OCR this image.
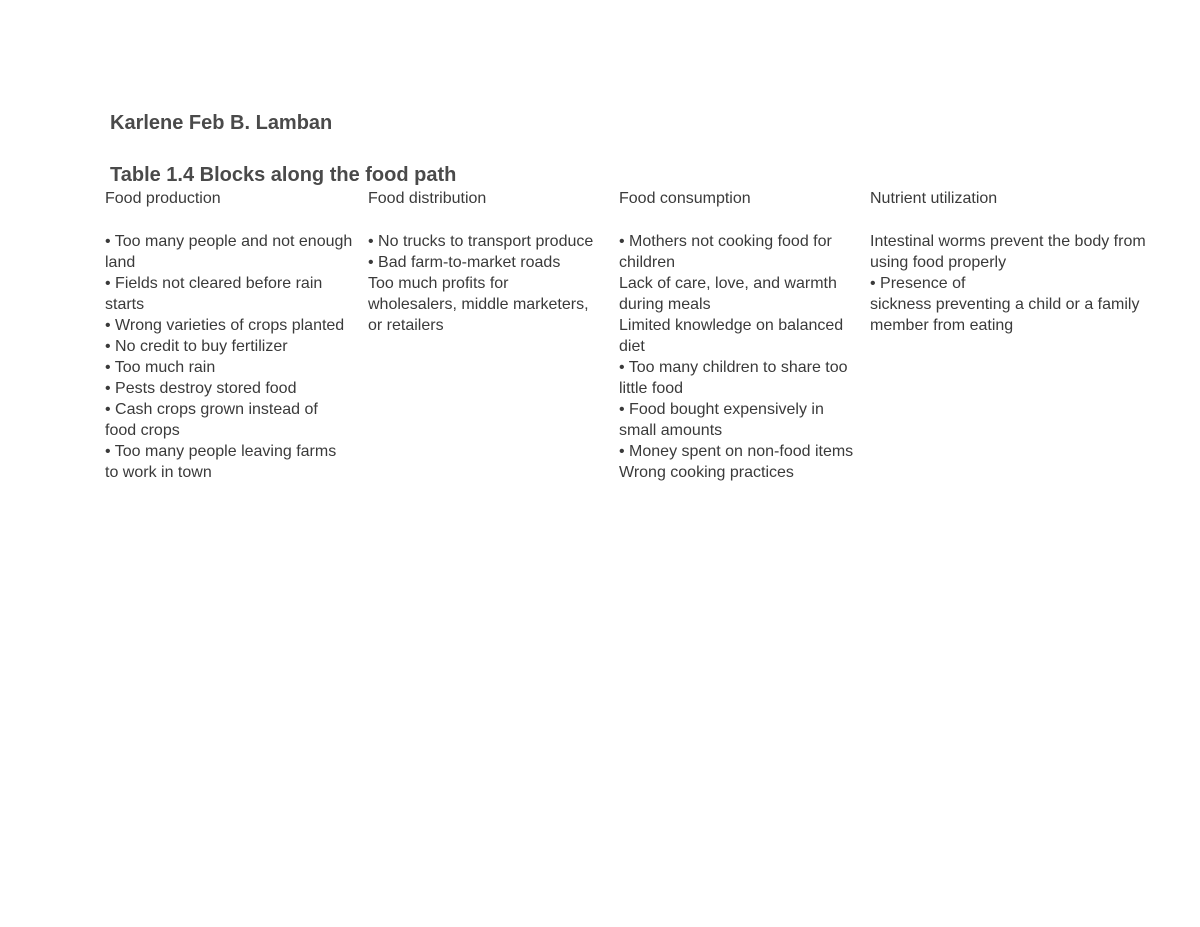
Karlene Feb B. Lamban
Table 1.4 Blocks along the food path
Food production
• Too many people and not enough land
• Fields not cleared before rain starts
• Wrong varieties of crops planted
• No credit to buy fertilizer
• Too much rain
• Pests destroy stored food
• Cash crops grown instead of food crops
• Too many people leaving farms to work in town
Food distribution
• No trucks to transport produce
• Bad farm-to-market roads
Too much profits for wholesalers, middle marketers, or retailers
Food consumption
• Mothers not cooking food for children
Lack of care, love, and warmth during meals
Limited knowledge on balanced diet
• Too many children to share too little food
• Food bought expensively in small amounts
• Money spent on non-food items
Wrong cooking practices
Nutrient utilization
Intestinal worms prevent the body from using food properly
• Presence of
sickness preventing a child or a family member from eating
